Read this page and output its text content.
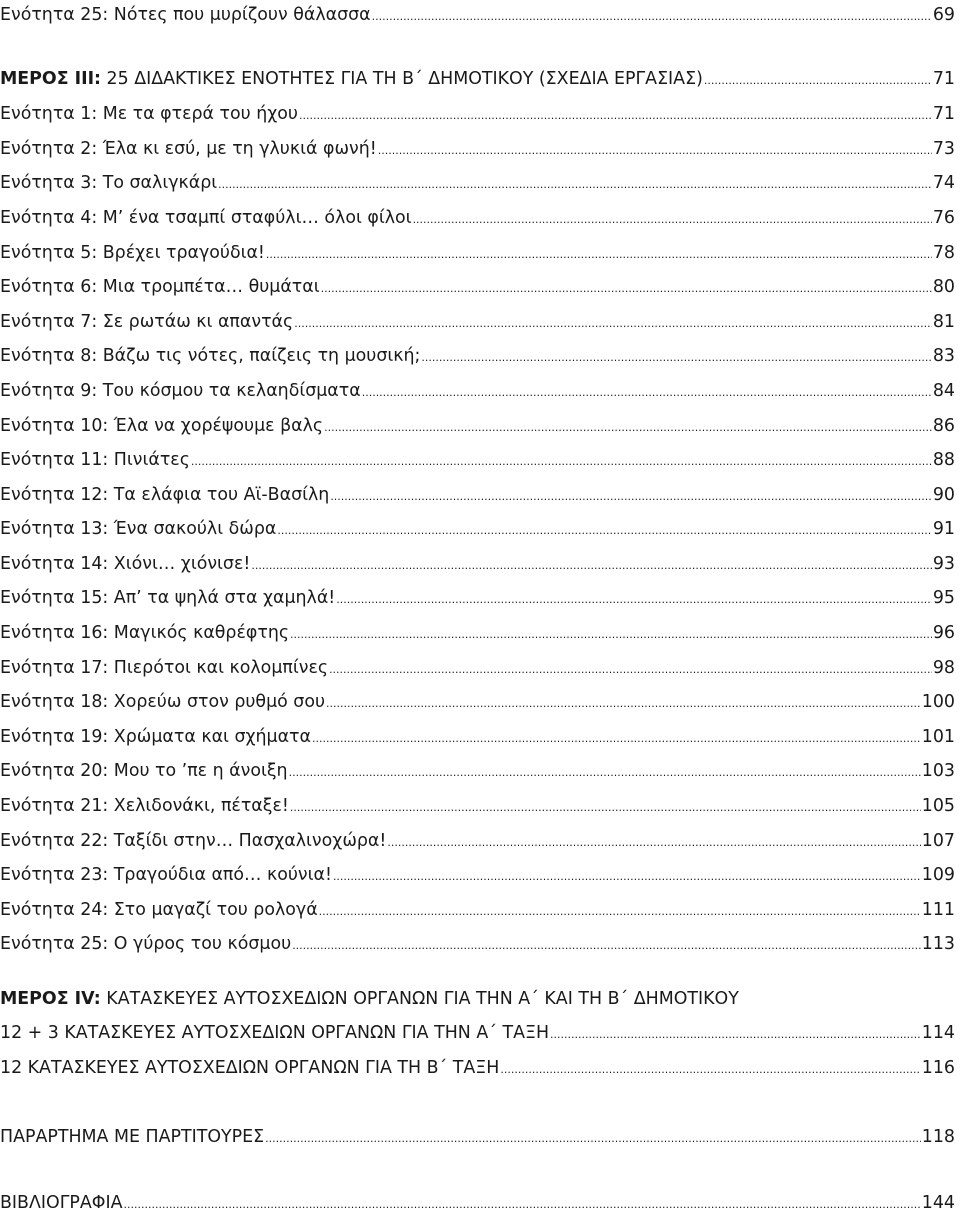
Ενότητα 25: Νότες που μυρίζουν θάλασσα .....	69
ΜΕΡΟΣ ΙΙΙ: 25 ΔΙΔΑΚΤΙΚΕΣ ΕΝΟΤΗΤΕΣ ΓΙΑ ΤΗ Β΄ ΔΗΜΟΤΙΚΟΥ (ΣΧΕΔΙΑ ΕΡΓΑΣΙΑΣ) .....	71
Ενότητα 1: Με τα φτερά του ήχου .....	71
Ενότητα 2: Έλα κι εσύ, με τη γλυκιά φωνή! .....	73
Ενότητα 3: Το σαλιγκάρι .....	74
Ενότητα 4: Μ’ ένα τσαμπί σταφύλι… όλοι φίλοι .....	76
Ενότητα 5: Βρέχει τραγούδια! .....	78
Ενότητα 6: Μια τρομπέτα… θυμάται .....	80
Ενότητα 7: Σε ρωτάω κι απαντάς .....	81
Ενότητα 8: Βάζω τις νότες, παίζεις τη μουσική; .....	83
Ενότητα 9: Του κόσμου τα κελαηδίσματα .....	84
Ενότητα 10: Έλα να χορέψουμε βαλς .....	86
Ενότητα 11: Πινιάτες .....	88
Ενότητα 12: Τα ελάφια του Αϊ-Βασίλη .....	90
Ενότητα 13: Ένα σακούλι δώρα .....	91
Ενότητα 14: Χιόνι… χιόνισε! .....	93
Ενότητα 15: Απ’ τα ψηλά στα χαμηλά! .....	95
Ενότητα 16: Μαγικός καθρέφτης .....	96
Ενότητα 17: Πιερότοι και κολομπίνες .....	98
Ενότητα 18: Χορεύω στον ρυθμό σου .....	100
Ενότητα 19: Χρώματα και σχήματα .....	101
Ενότητα 20: Μου το ’πε η άνοιξη .....	103
Ενότητα 21: Χελιδονάκι, πέταξε! .....	105
Ενότητα 22: Ταξίδι στην… Πασχαλινοχώρα! .....	107
Ενότητα 23: Τραγούδια από… κούνια! .....	109
Ενότητα 24: Στο μαγαζί του ρολογά .....	111
Ενότητα 25: Ο γύρος του κόσμου .....	113
ΜΕΡΟΣ IV: ΚΑΤΑΣΚΕΥΕΣ ΑΥΤΟΣΧΕΔΙΩΝ ΟΡΓΑΝΩΝ ΓΙΑ ΤΗΝ Α΄ ΚΑΙ ΤΗ Β΄ ΔΗΜΟΤΙΚΟΥ
12 + 3 ΚΑΤΑΣΚΕΥΕΣ ΑΥΤΟΣΧΕΔΙΩΝ ΟΡΓΑΝΩΝ ΓΙΑ ΤΗΝ Α΄ ΤΑΞΗ .....	114
12 ΚΑΤΑΣΚΕΥΕΣ ΑΥΤΟΣΧΕΔΙΩΝ ΟΡΓΑΝΩΝ ΓΙΑ ΤΗ Β΄ ΤΑΞΗ .....	116
ΠΑΡΑΡΤΗΜΑ ΜΕ ΠΑΡΤΙΤΟΥΡΕΣ .....	118
ΒΙΒΛΙΟΓΡΑΦΙΑ .....	144
